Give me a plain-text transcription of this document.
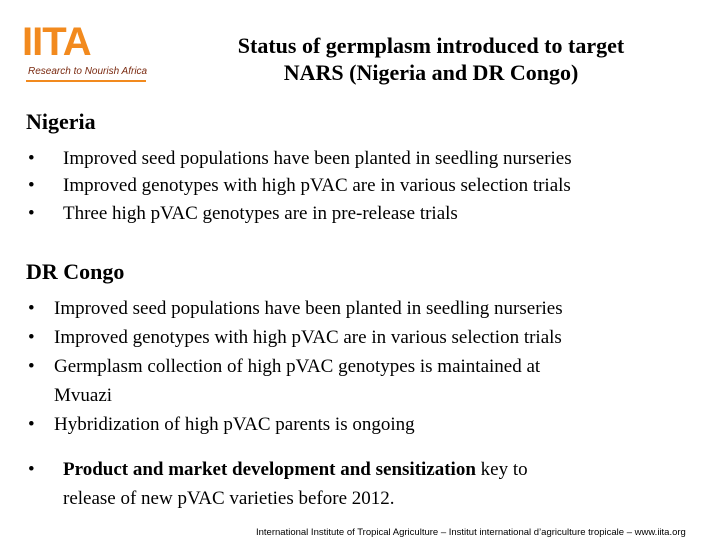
IITA
Research to Nourish Africa
Status of germplasm introduced to target
NARS (Nigeria and DR Congo)
Nigeria
• Improved seed populations have been planted in seedling nurseries
• Improved genotypes with high pVAC are in various selection trials
• Three high pVAC genotypes are in pre-release trials
DR Congo
• Improved seed populations have been planted in seedling nurseries
• Improved genotypes with high pVAC are in various selection trials
• Germplasm collection of high pVAC genotypes is maintained at
Mvuazi
• Hybridization of high pVAC parents is ongoing
• Product and market development and sensitization key to
release of new pVAC varieties before 2012.
International Institute of Tropical Agriculture – Institut international d’agriculture tropicale – www.iita.org
